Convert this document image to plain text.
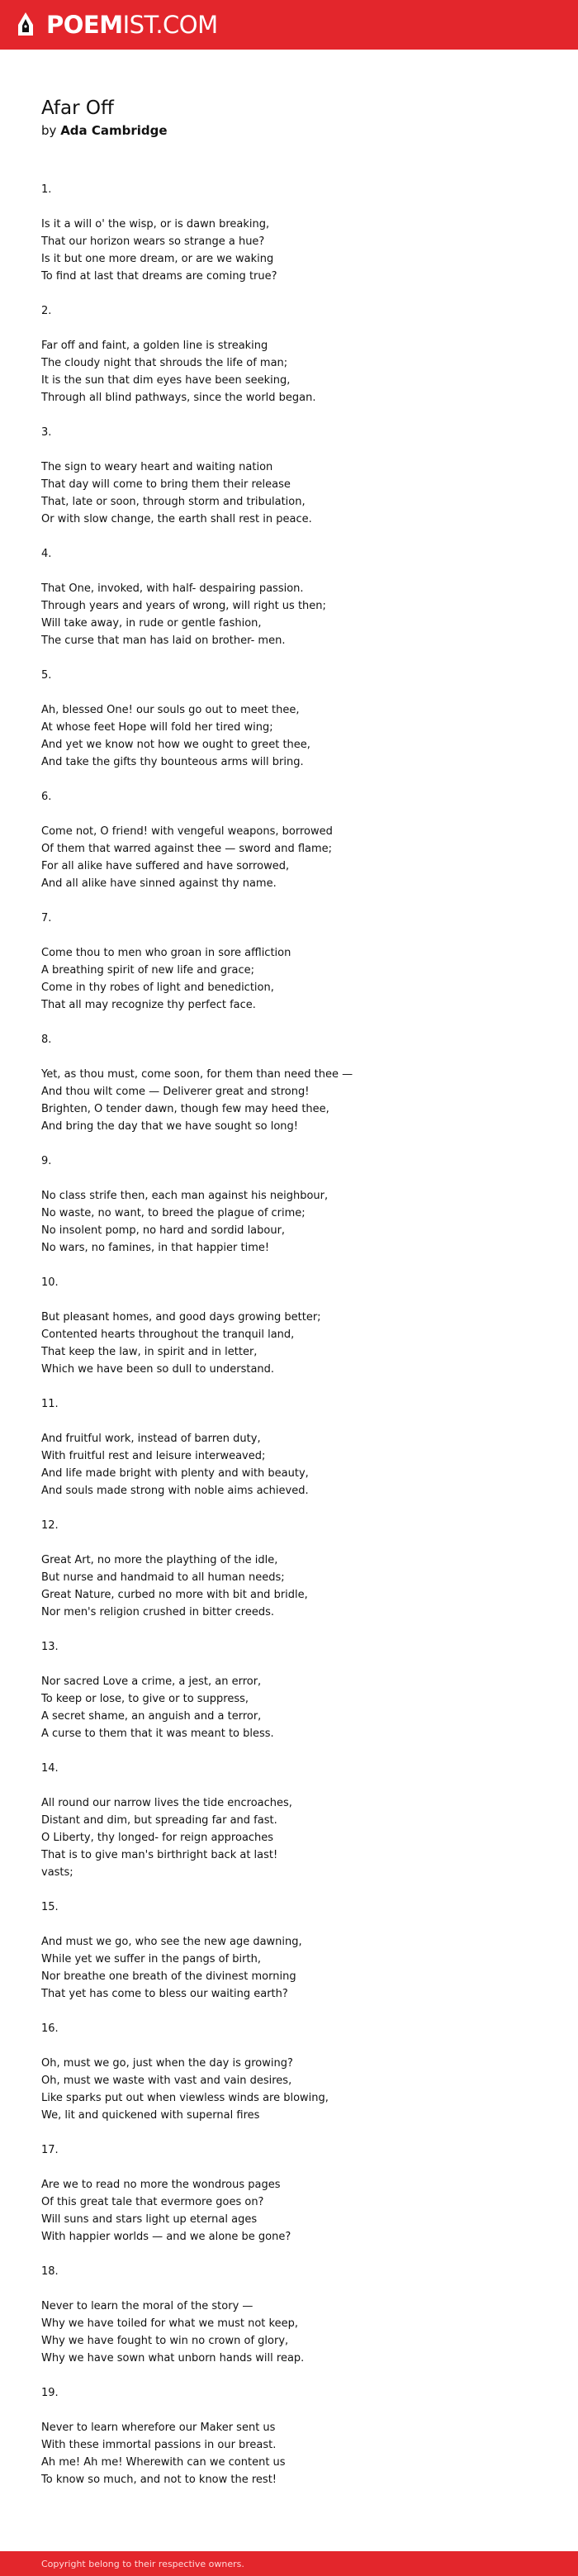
POEMIST.COM
Afar Off
by Ada Cambridge
1.
Is it a will o' the wisp, or is dawn breaking,
That our horizon wears so strange a hue?
Is it but one more dream, or are we waking
To find at last that dreams are coming true?
2.
Far off and faint, a golden line is streaking
The cloudy night that shrouds the life of man;
It is the sun that dim eyes have been seeking,
Through all blind pathways, since the world began.
3.
The sign to weary heart and waiting nation
That day will come to bring them their release
That, late or soon, through storm and tribulation,
Or with slow change, the earth shall rest in peace.
4.
That One, invoked, with half- despairing passion.
Through years and years of wrong, will right us then;
Will take away, in rude or gentle fashion,
The curse that man has laid on brother- men.
5.
Ah, blessed One! our souls go out to meet thee,
At whose feet Hope will fold her tired wing;
And yet we know not how we ought to greet thee,
And take the gifts thy bounteous arms will bring.
6.
Come not, O friend! with vengeful weapons, borrowed
Of them that warred against thee — sword and flame;
For all alike have suffered and have sorrowed,
And all alike have sinned against thy name.
7.
Come thou to men who groan in sore affliction
A breathing spirit of new life and grace;
Come in thy robes of light and benediction,
That all may recognize thy perfect face.
8.
Yet, as thou must, come soon, for them than need thee —
And thou wilt come — Deliverer great and strong!
Brighten, O tender dawn, though few may heed thee,
And bring the day that we have sought so long!
9.
No class strife then, each man against his neighbour,
No waste, no want, to breed the plague of crime;
No insolent pomp, no hard and sordid labour,
No wars, no famines, in that happier time!
10.
But pleasant homes, and good days growing better;
Contented hearts throughout the tranquil land,
That keep the law, in spirit and in letter,
Which we have been so dull to understand.
11.
And fruitful work, instead of barren duty,
With fruitful rest and leisure interweaved;
And life made bright with plenty and with beauty,
And souls made strong with noble aims achieved.
12.
Great Art, no more the plaything of the idle,
But nurse and handmaid to all human needs;
Great Nature, curbed no more with bit and bridle,
Nor men's religion crushed in bitter creeds.
13.
Nor sacred Love a crime, a jest, an error,
To keep or lose, to give or to suppress,
A secret shame, an anguish and a terror,
A curse to them that it was meant to bless.
14.
All round our narrow lives the tide encroaches,
Distant and dim, but spreading far and fast.
O Liberty, thy longed- for reign approaches
That is to give man's birthright back at last!
vasts;
15.
And must we go, who see the new age dawning,
While yet we suffer in the pangs of birth,
Nor breathe one breath of the divinest morning
That yet has come to bless our waiting earth?
16.
Oh, must we go, just when the day is growing?
Oh, must we waste with vast and vain desires,
Like sparks put out when viewless winds are blowing,
We, lit and quickened with supernal fires
17.
Are we to read no more the wondrous pages
Of this great tale that evermore goes on?
Will suns and stars light up eternal ages
With happier worlds — and we alone be gone?
18.
Never to learn the moral of the story —
Why we have toiled for what we must not keep,
Why we have fought to win no crown of glory,
Why we have sown what unborn hands will reap.
19.
Never to learn wherefore our Maker sent us
With these immortal passions in our breast.
Ah me! Ah me! Wherewith can we content us
To know so much, and not to know the rest!
Copyright belong to their respective owners.
